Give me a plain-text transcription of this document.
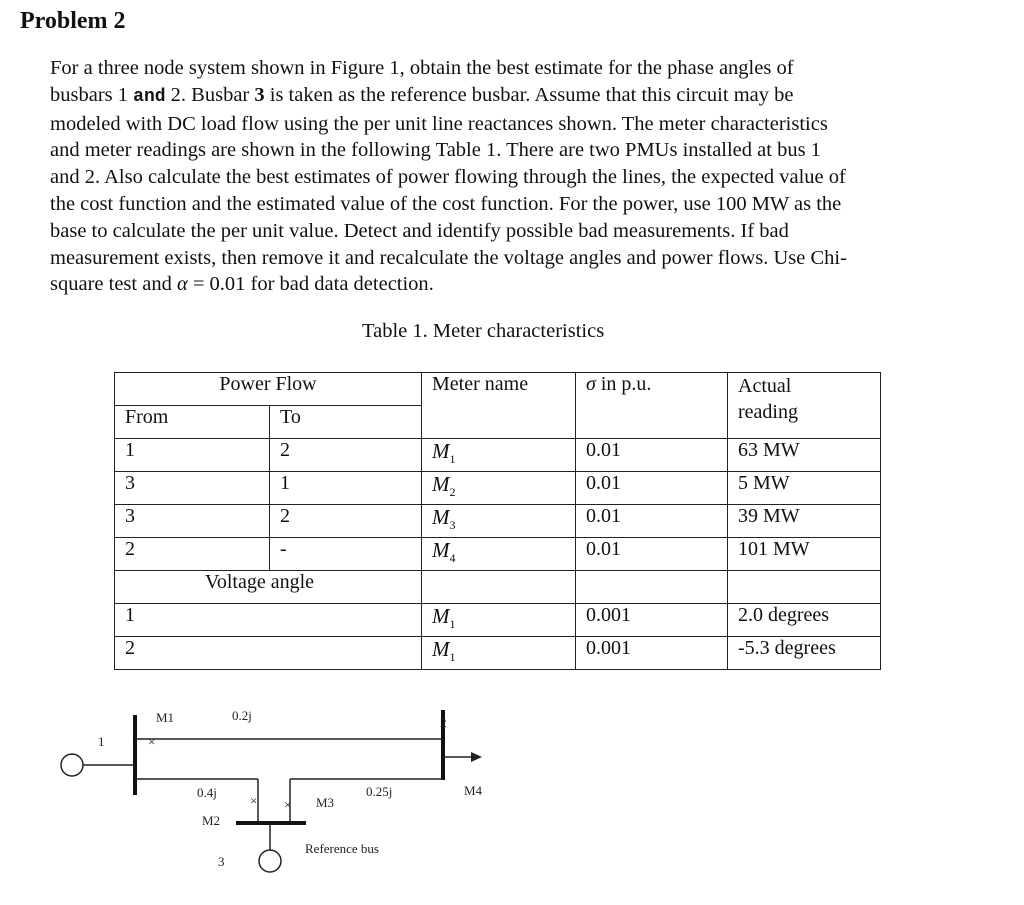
Problem 2
For a three node system shown in Figure 1, obtain the best estimate for the phase angles of
busbars 1 and 2. Busbar 3 is taken as the reference busbar. Assume that this circuit may be
modeled with DC load flow using the per unit line reactances shown. The meter characteristics
and meter readings are shown in the following Table 1. There are two PMUs installed at bus 1
and 2. Also calculate the best estimates of power flowing through the lines, the expected value of
the cost function and the estimated value of the cost function. For the power, use 100 MW as the
base to calculate the per unit value. Detect and identify possible bad measurements. If bad
measurement exists, then remove it and recalculate the voltage angles and power flows. Use Chi-
square test and α = 0.01 for bad data detection.
Table 1. Meter characteristics
Power Flow		Meter name	σ in p.u.	Actual
reading
From	To			
1	2	$M_1$	0.01	63 MW
3	1	$M_2$	0.01	5 MW
3	2	$M_3$	0.01	39 MW
2	-	$M_4$	0.01	101 MW
Voltage angle				
1		$M_1$	0.001	2.0 degrees
2		$M_1$	0.001	-5.3 degrees
1	×
M1	0.2j	2
M4
×
0.4j
M2
× M3
0.25j
3
Reference bus
